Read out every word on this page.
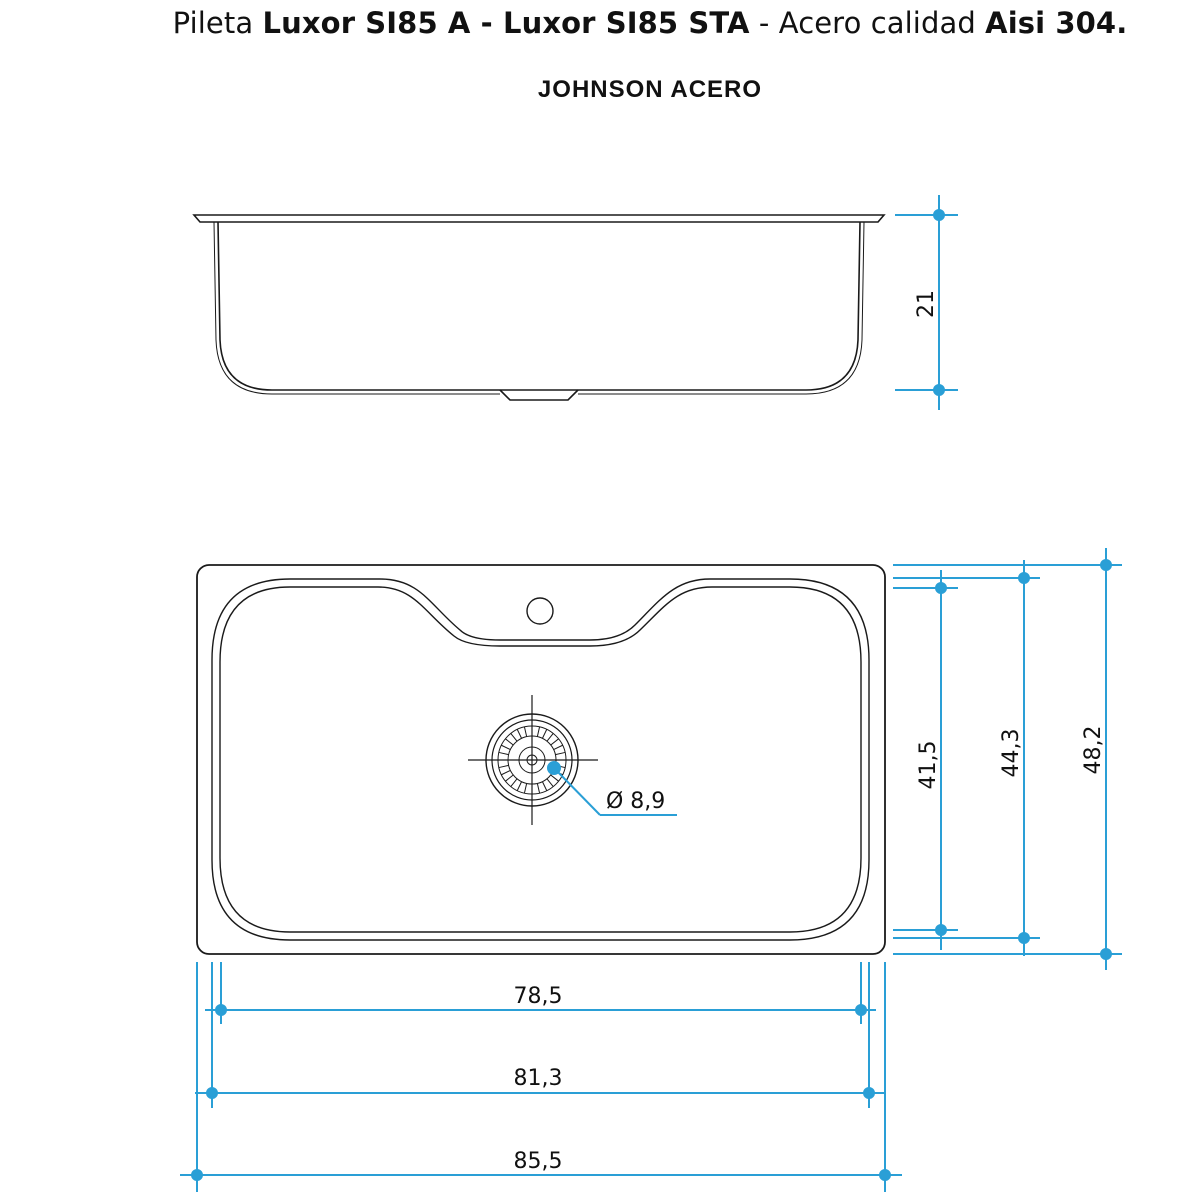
Pileta Luxor SI85 A - Luxor SI85 STA - Acero calidad Aisi 304.
JOHNSON ACERO
21
Ø 8,9
41,5	44,3	48,2
78,5
81,3
85,5
